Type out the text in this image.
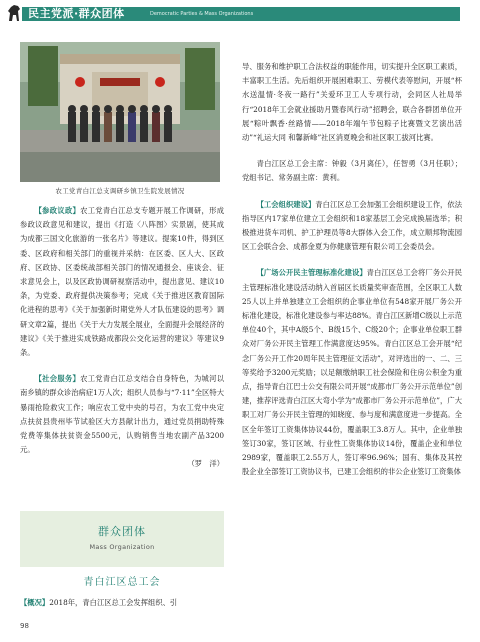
民主党派·群众团体	Democratic Parties & Mass Organizations
农工党青白江总支调研乡镇卫生院发展情况

【参政议政】农工党青白江总支专题开展工作调研，形成参政议政意见和建议，提出《打造〈八阵图〉实景剧，使其成为成都三国文化旅游的一张名片》等建议。提案10件，得到区委、区政府和相关部门的重视并采纳：在区委、区人大、区政府、区政协、区委统战部相关部门的情况通报会、座谈会、征求意见会上，以及区政协调研视察活动中，提出意见、建议10条，为党委、政府提供决策参考；完成《关于推进区教育国际化进程的思考》《关于加强新时期党外人才队伍建设的思考》调研文章2篇，提出《关于大力发展全展业，全面提升会展经济的建议》《关于推进实成铁路成都段公交化运营的建议》等建议9条。

【社会服务】农工党青白江总支结合自身特色，为城河以南乡镇的群众诊治病症1万人次；组织人员参与“7·11”全区特大暴雨抢险救灾工作；响应农工党中央的号召，为农工党中央定点扶贫县贵州毕节试验区大方县献计出力，通过党员捐助特殊党费等集体扶贫资金5500元，认购销售当地农副产品3200元。

（罗　洋）
群众团体
Mass Organization
青白江区总工会
【概况】2018年，青白江区总工会发挥组织、引

导、服务和维护职工合法权益的职能作用，切实提升全区职工素质，丰富职工生活。先后组织开展困难职工、劳模代表等慰问，开展“杯水送温情·冬夜一路行”关爱环卫工人专项行动，会同区人社局举行“2018年工会就业援助月暨春风行动”招聘会，联合各群团单位开展“粽叶飘香·丝路情——2018年端午节包粽子比赛暨文艺演出活动”“礼运大同 和馨新峰”社区消夏晚会和社区职工拔河比赛。

青白江区总工会主席：钟毅（3月离任），任智勇（3月任职）；党组书记、常务副主席：黄利。

【工会组织建设】青白江区总工会加强工会组织建设工作，依法指导区内17家单位建立工会组织和18家基层工会完成换届选举；积极推进货车司机、护工护理员等8大群体入会工作，成立顺邦物流园区工会联合会、成都金夏为你健康管理有限公司工会委员会。

【广场公开民主管理标准化建设】青白江区总工会将厂务公开民主管理标准化建设活动纳入首届区长质量奖审查范围，全区职工人数25人以上并单独建立工会组织的企事业单位有548家开展厂务公开标准化建设，标准化建设参与率达88%。青白江区新增C级以上示范单位40个，其中A级5个、B级15个、C级20个；企事业单位职工群众对厂务公开民主管理工作满意度达95%。青白江区总工会开展“纪念厂务公开工作20周年民主管理征文活动”，对评选出的一、二、三等奖给予3200元奖励；以足额缴纳职工社会保险和住房公积金为重点，指导青白江巴士公交有限公司开展“成都市厂务公开示范单位”创建，推荐评选青白江区大弯小学为“成都市厂务公开示范单位”，广大职工对厂务公开民主管理的知晓度、参与度和满意度进一步提高。全区全年签订工资集体协议44份，覆盖职工3.8万人。其中，企业单独签订30家，签订区域、行业性工资集体协议14份，覆盖企业和单位2989家，覆盖职工2.55万人，签订率96.96%；国有、集体及其控股企业全部签订工资协议书，已建工会组织的非公企业签订工资集体

98
